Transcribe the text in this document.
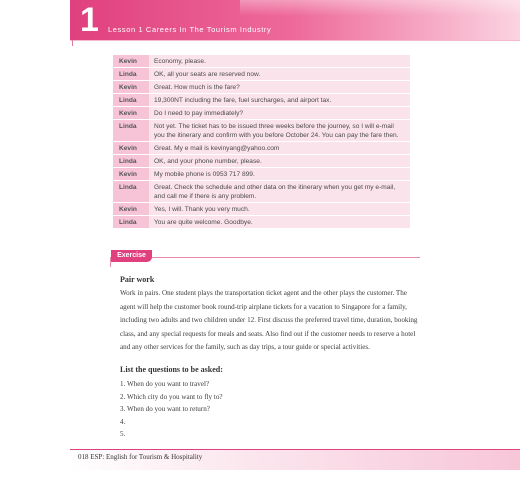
1 Lesson 1 Careers In The Tourism Industry
Kevin	Economy, please.
Linda	OK, all your seats are reserved now.
Kevin	Great. How much is the fare?
Linda	19,300NT including the fare, fuel surcharges, and airport tax.
Kevin	Do I need to pay immediately?
Linda	Not yet. The ticket has to be issued three weeks before the journey, so I will e-mail you the itinerary and confirm with you before October 24. You can pay the fare then.
Kevin	Great. My e mail is kevinyang@yahoo.com
Linda	OK, and your phone number, please.
Kevin	My mobile phone is 0953 717 899.
Linda	Great. Check the schedule and other data on the itinerary when you get my e-mail, and call me if there is any problem.
Kevin	Yes, I will. Thank you very much.
Linda	You are quite welcome. Goodbye.
Exercise
Pair work

Work in pairs. One student plays the transportation ticket agent and the other plays the customer. The agent will help the customer book round-trip airplane tickets for a vacation to Singapore for a family, including two adults and two children under 12. First discuss the preferred travel time, duration, booking class, and any special requests for meals and seats. Also find out if the customer needs to reserve a hotel and any other services for the family, such as day trips, a tour guide or special activities.

List the questions to be asked:
1. When do you want to travel?
2. Which city do you want to fly to?
3. When do you want to return?
4.
5.
018 ESP: English for Tourism & Hospitality
